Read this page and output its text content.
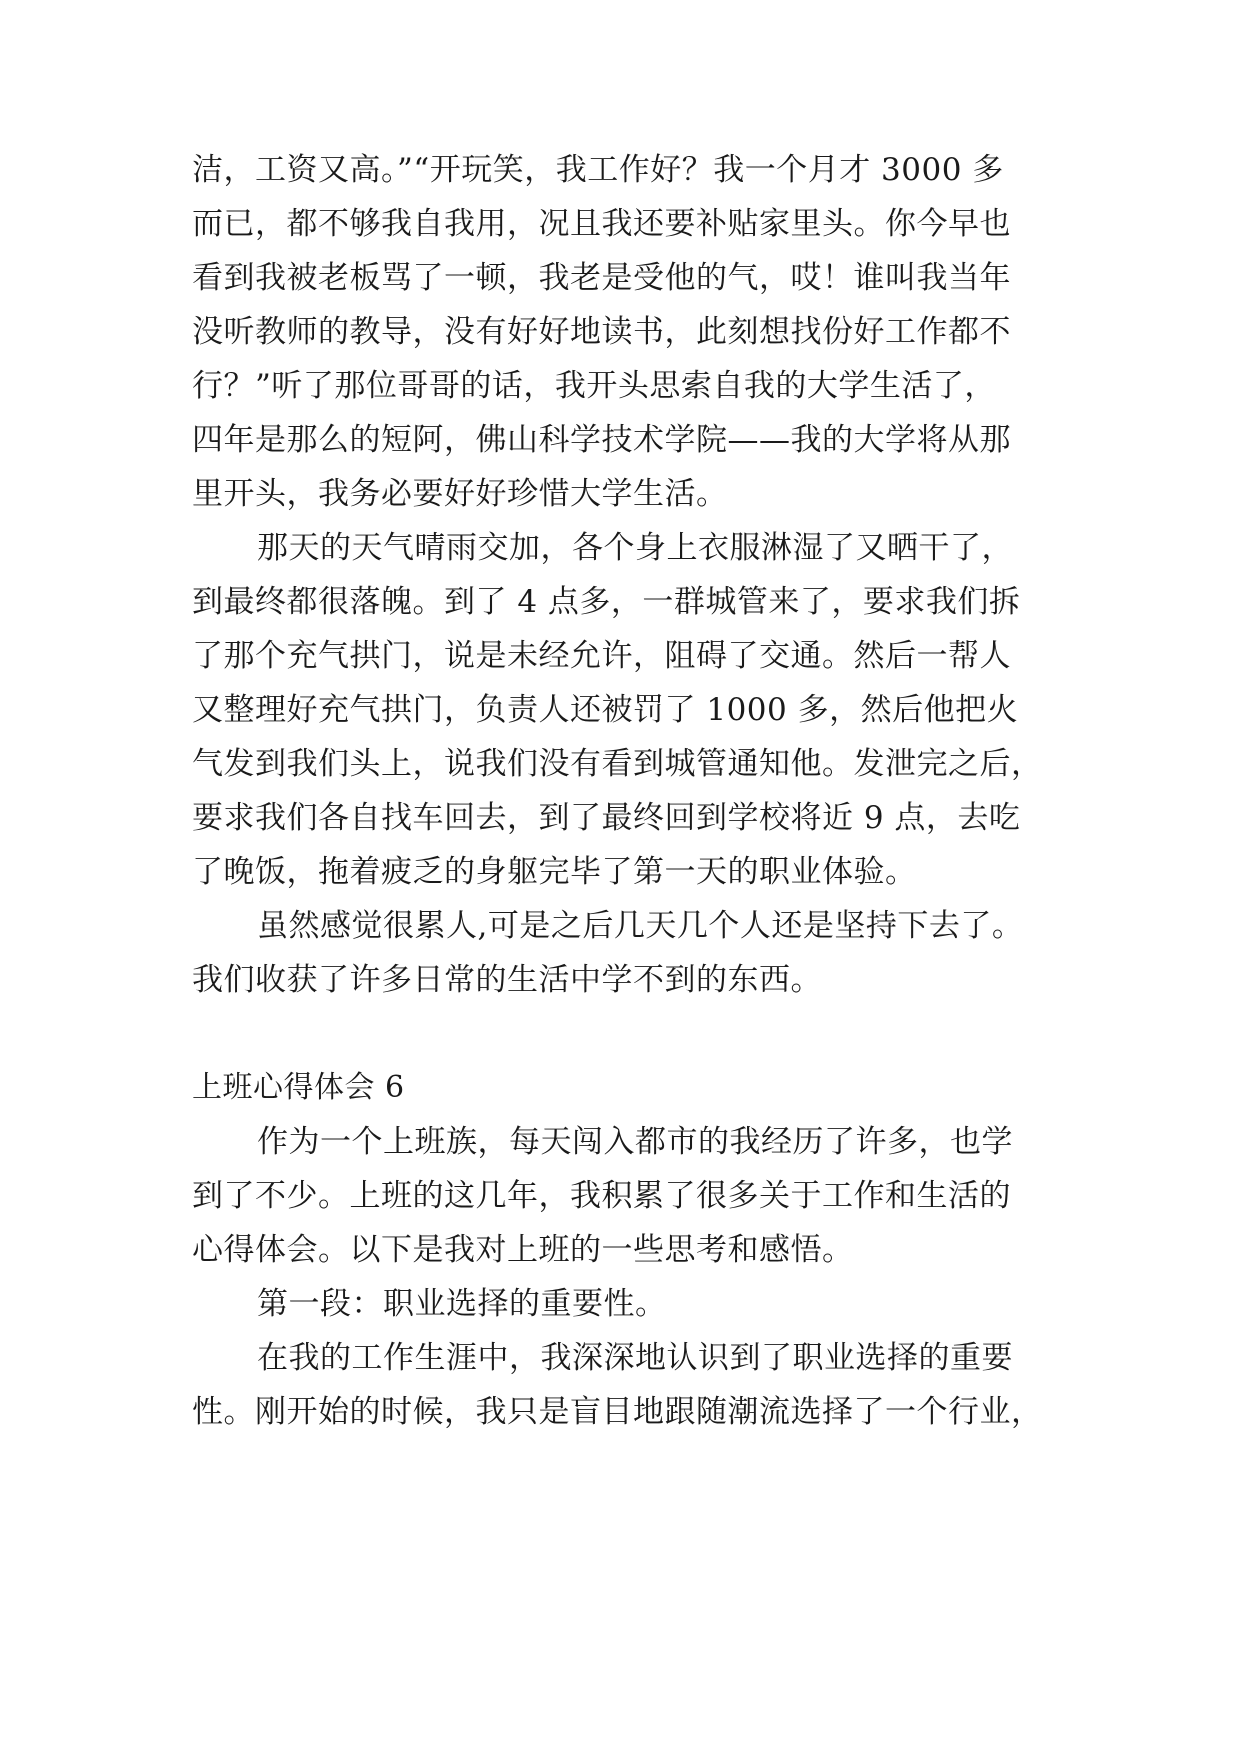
洁，工资又高。”“开玩笑，我工作好？我一个月才 3000 多
而已，都不够我自我用，况且我还要补贴家里头。你今早也
看到我被老板骂了一顿，我老是受他的气，哎！谁叫我当年
没听教师的教导，没有好好地读书，此刻想找份好工作都不
行？”听了那位哥哥的话，我开头思索自我的大学生活了，
四年是那么的短阿，佛山科学技术学院——我的大学将从那
里开头，我务必要好好珍惜大学生活。
那天的天气晴雨交加，各个身上衣服淋湿了又晒干了，
到最终都很落魄。到了 4 点多，一群城管来了，要求我们拆
了那个充气拱门，说是未经允许，阻碍了交通。然后一帮人
又整理好充气拱门，负责人还被罚了 1000 多，然后他把火
气发到我们头上，说我们没有看到城管通知他。发泄完之后，
要求我们各自找车回去，到了最终回到学校将近 9 点，去吃
了晚饭，拖着疲乏的身躯完毕了第一天的职业体验。
虽然感觉很累人,可是之后几天几个人还是坚持下去了。
我们收获了许多日常的生活中学不到的东西。
上班心得体会 6
作为一个上班族，每天闯入都市的我经历了许多，也学
到了不少。上班的这几年，我积累了很多关于工作和生活的
心得体会。以下是我对上班的一些思考和感悟。
第一段：职业选择的重要性。
在我的工作生涯中，我深深地认识到了职业选择的重要
性。刚开始的时候，我只是盲目地跟随潮流选择了一个行业，
